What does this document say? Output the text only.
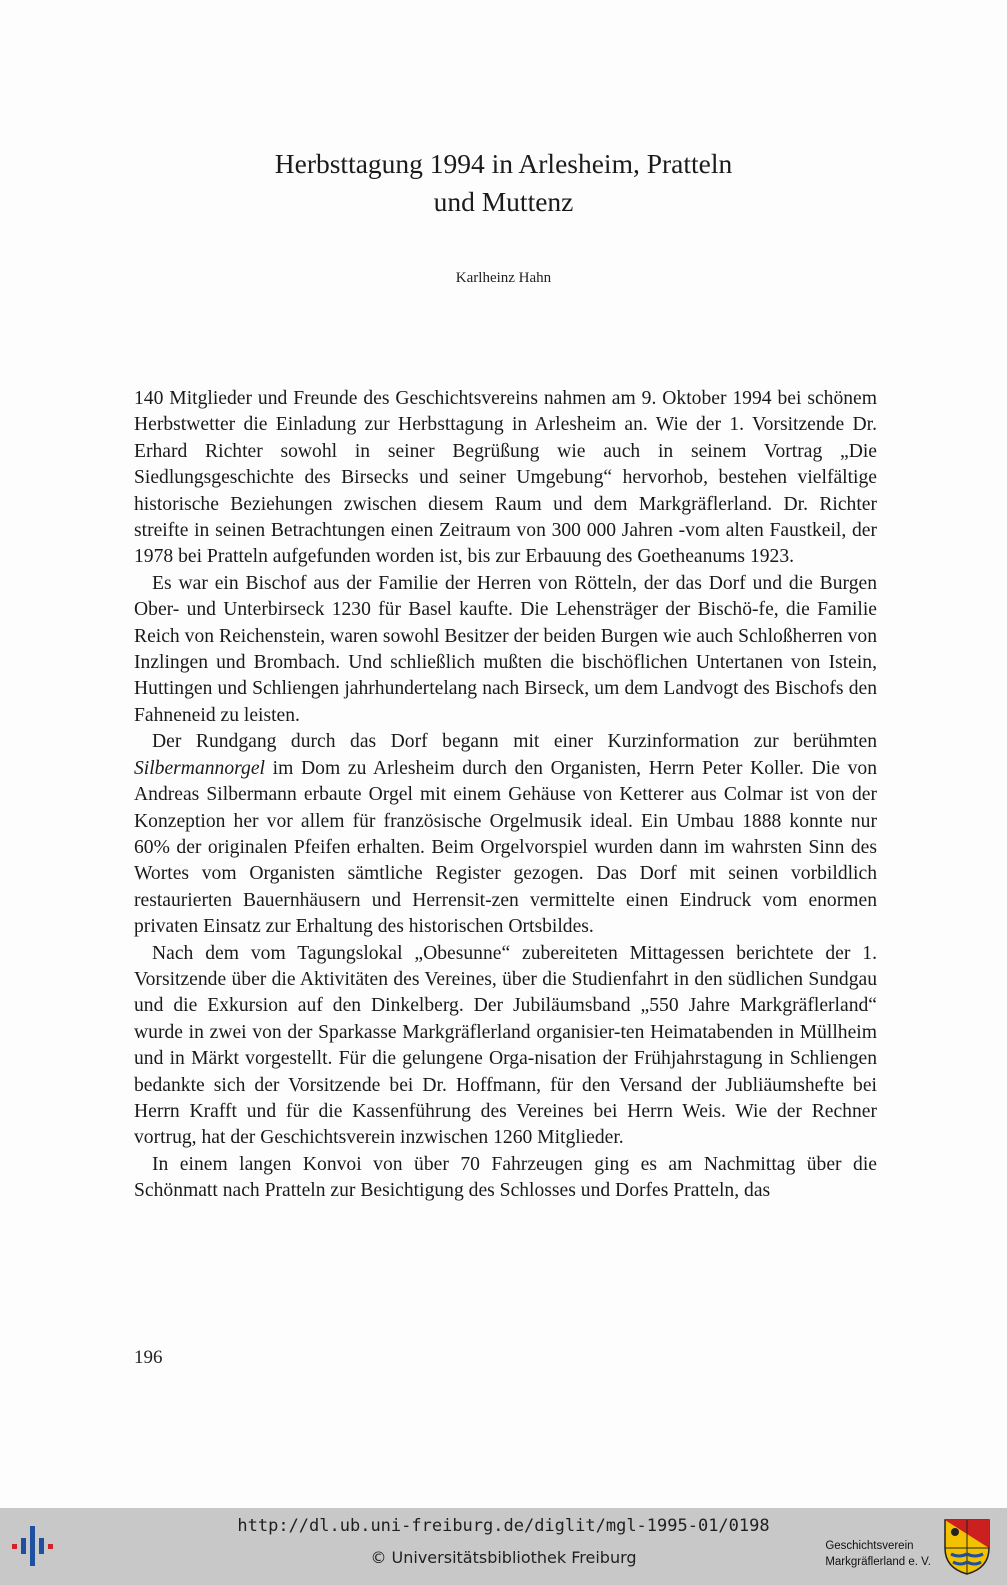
Herbsttagung 1994 in Arlesheim, Pratteln
und Muttenz
Karlheinz Hahn

140 Mitglieder und Freunde des Geschichtsvereins nahmen am 9. Oktober 1994 bei schönem Herbstwetter die Einladung zur Herbsttagung in Arlesheim an. Wie der 1. Vorsitzende Dr. Erhard Richter sowohl in seiner Begrüßung wie auch in seinem Vortrag „Die Siedlungsgeschichte des Birsecks und seiner Umgebung“ hervorhob, bestehen vielfältige historische Beziehungen zwischen diesem Raum und dem Markgräflerland. Dr. Richter streifte in seinen Betrachtungen einen Zeitraum von 300 000 Jahren -vom alten Faustkeil, der 1978 bei Pratteln aufgefunden worden ist, bis zur Erbauung des Goetheanums 1923.

Es war ein Bischof aus der Familie der Herren von Rötteln, der das Dorf und die Burgen Ober- und Unterbirseck 1230 für Basel kaufte. Die Lehensträger der Bischö-fe, die Familie Reich von Reichenstein, waren sowohl Besitzer der beiden Burgen wie auch Schloßherren von Inzlingen und Brombach. Und schließlich mußten die bischöflichen Untertanen von Istein, Huttingen und Schliengen jahrhundertelang nach Birseck, um dem Landvogt des Bischofs den Fahneneid zu leisten.

Der Rundgang durch das Dorf begann mit einer Kurzinformation zur berühmten Silbermannorgel im Dom zu Arlesheim durch den Organisten, Herrn Peter Koller. Die von Andreas Silbermann erbaute Orgel mit einem Gehäuse von Ketterer aus Colmar ist von der Konzeption her vor allem für französische Orgelmusik ideal. Ein Umbau 1888 konnte nur 60% der originalen Pfeifen erhalten. Beim Orgelvorspiel wurden dann im wahrsten Sinn des Wortes vom Organisten sämtliche Register gezogen. Das Dorf mit seinen vorbildlich restaurierten Bauernhäusern und Herrensit-zen vermittelte einen Eindruck vom enormen privaten Einsatz zur Erhaltung des historischen Ortsbildes.

Nach dem vom Tagungslokal „Obesunne“ zubereiteten Mittagessen berichtete der 1. Vorsitzende über die Aktivitäten des Vereines, über die Studienfahrt in den südlichen Sundgau und die Exkursion auf den Dinkelberg. Der Jubiläumsband „550 Jahre Markgräflerland“ wurde in zwei von der Sparkasse Markgräflerland organisier-ten Heimatabenden in Müllheim und in Märkt vorgestellt. Für die gelungene Orga-nisation der Frühjahrstagung in Schliengen bedankte sich der Vorsitzende bei Dr. Hoffmann, für den Versand der Jubliäumshefte bei Herrn Krafft und für die Kassenführung des Vereines bei Herrn Weis. Wie der Rechner vortrug, hat der Geschichtsverein inzwischen 1260 Mitglieder.

In einem langen Konvoi von über 70 Fahrzeugen ging es am Nachmittag über die Schönmatt nach Pratteln zur Besichtigung des Schlosses und Dorfes Pratteln, das

196
http://dl.ub.uni-freiburg.de/diglit/mgl-1995-01/0198
© Universitätsbibliothek Freiburg
Geschichtsverein
Markgräflerland e. V.
